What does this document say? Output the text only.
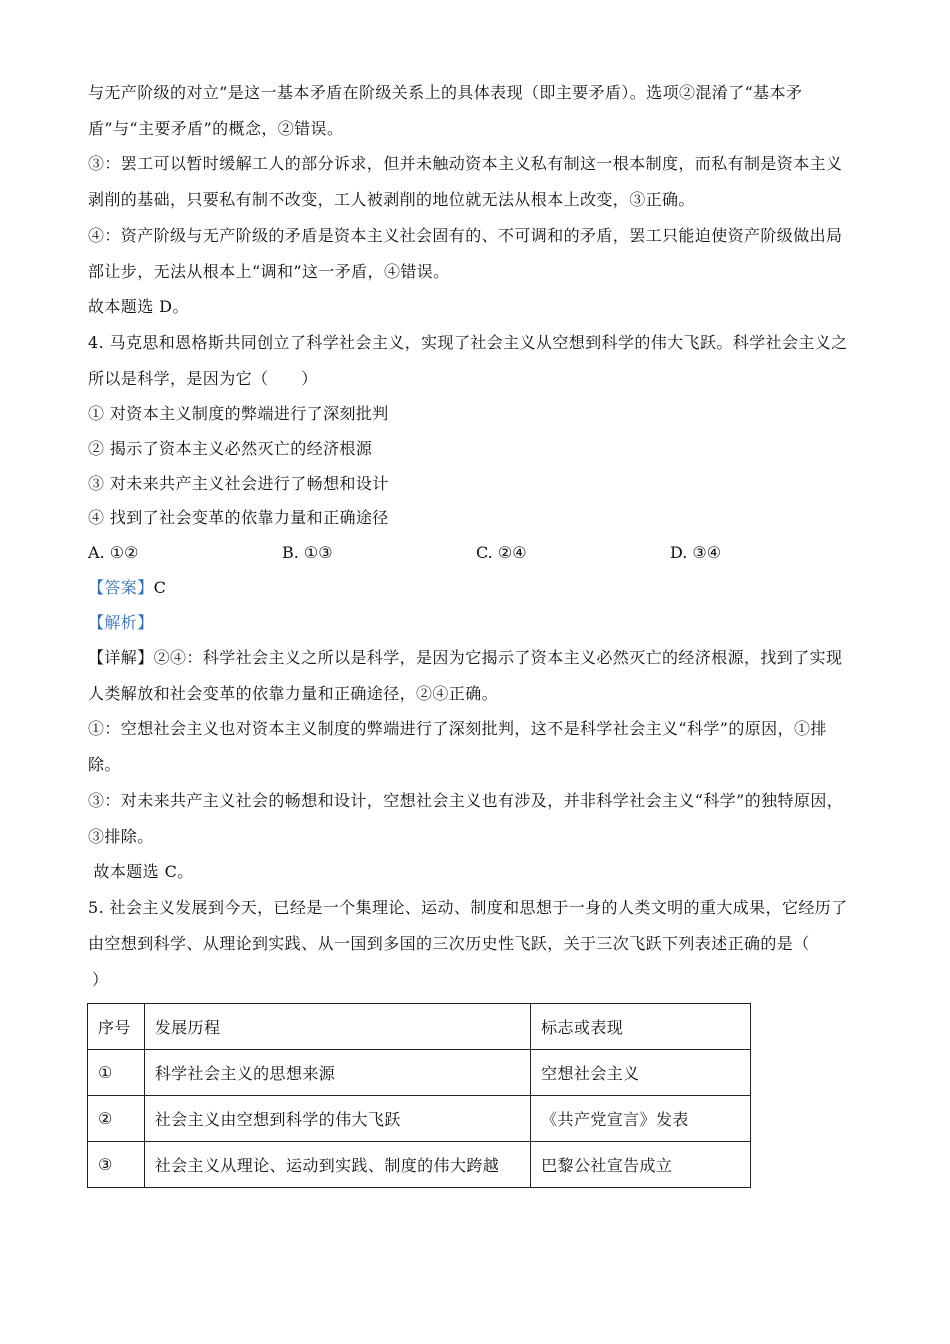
与无产阶级的对立”是这一基本矛盾在阶级关系上的具体表现（即主要矛盾）。选项②混淆了“基本矛
盾”与“主要矛盾”的概念，②错误。
③：罢工可以暂时缓解工人的部分诉求，但并未触动资本主义私有制这一根本制度，而私有制是资本主义
剥削的基础，只要私有制不改变，工人被剥削的地位就无法从根本上改变，③正确。
④：资产阶级与无产阶级的矛盾是资本主义社会固有的、不可调和的矛盾，罢工只能迫使资产阶级做出局
部让步，无法从根本上“调和”这一矛盾，④错误。
故本题选 D。
4. 马克思和恩格斯共同创立了科学社会主义，实现了社会主义从空想到科学的伟大飞跃。科学社会主义之
所以是科学，是因为它（　　）
① 对资本主义制度的弊端进行了深刻批判
② 揭示了资本主义必然灭亡的经济根源
③ 对未来共产主义社会进行了畅想和设计
④ 找到了社会变革的依靠力量和正确途径
A. ①②	B. ①③	C. ②④	D. ③④
【答案】C
【解析】
【详解】②④：科学社会主义之所以是科学，是因为它揭示了资本主义必然灭亡的经济根源，找到了实现
人类解放和社会变革的依靠力量和正确途径，②④正确。
①：空想社会主义也对资本主义制度的弊端进行了深刻批判，这不是科学社会主义“科学”的原因，①排
除。
③：对未来共产主义社会的畅想和设计，空想社会主义也有涉及，并非科学社会主义“科学”的独特原因，
③排除。
故本题选 C。
5. 社会主义发展到今天，已经是一个集理论、运动、制度和思想于一身的人类文明的重大成果，它经历了
由空想到科学、从理论到实践、从一国到多国的三次历史性飞跃，关于三次飞跃下列表述正确的是（
）
序号	发展历程	标志或表现
①	科学社会主义的思想来源	空想社会主义
②	社会主义由空想到科学的伟大飞跃	《共产党宣言》发表
③	社会主义从理论、运动到实践、制度的伟大跨越	巴黎公社宣告成立
